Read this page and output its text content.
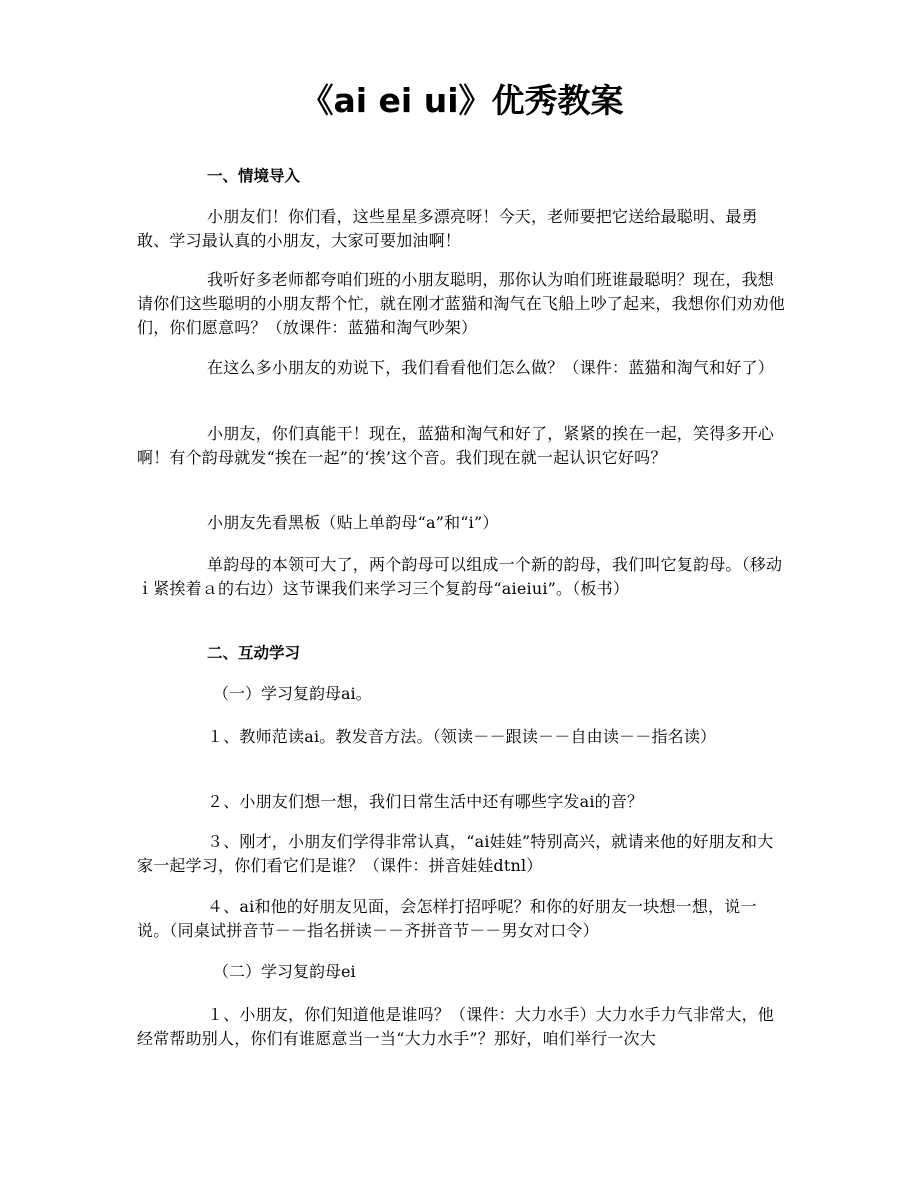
《ai ei ui》优秀教案

一、情境导入

小朋友们！你们看，这些星星多漂亮呀！今天，老师要把它送给最聪明、最勇敢、学习最认真的小朋友，大家可要加油啊！

我听好多老师都夸咱们班的小朋友聪明，那你认为咱们班谁最聪明？现在，我想请你们这些聪明的小朋友帮个忙，就在刚才蓝猫和淘气在飞船上吵了起来，我想你们劝劝他们，你们愿意吗？（放课件：蓝猫和淘气吵架）

在这么多小朋友的劝说下，我们看看他们怎么做？（课件：蓝猫和淘气和好了）

小朋友，你们真能干！现在，蓝猫和淘气和好了，紧紧的挨在一起，笑得多开心啊！有个韵母就发“挨在一起”的‘挨’这个音。我们现在就一起认识它好吗？

小朋友先看黑板（贴上单韵母“a”和“i”）

单韵母的本领可大了，两个韵母可以组成一个新的韵母，我们叫它复韵母。（移动ｉ紧挨着ａ的右边）这节课我们来学习三个复韵母“aieiui”。（板书）

二、互动学习

（一）学习复韵母ai。

１、教师范读ai。教发音方法。（领读－－跟读－－自由读－－指名读）

２、小朋友们想一想，我们日常生活中还有哪些字发ai的音？

３、刚才，小朋友们学得非常认真，“ai娃娃”特别高兴，就请来他的好朋友和大家一起学习，你们看它们是谁？（课件：拼音娃娃dtnl）

４、ai和他的好朋友见面，会怎样打招呼呢？和你的好朋友一块想一想，说一说。（同桌试拼音节－－指名拼读－－齐拼音节－－男女对口令）

（二）学习复韵母ei

１、小朋友，你们知道他是谁吗？（课件：大力水手）大力水手力气非常大，他经常帮助别人，你们有谁愿意当一当“大力水手”？那好，咱们举行一次大
